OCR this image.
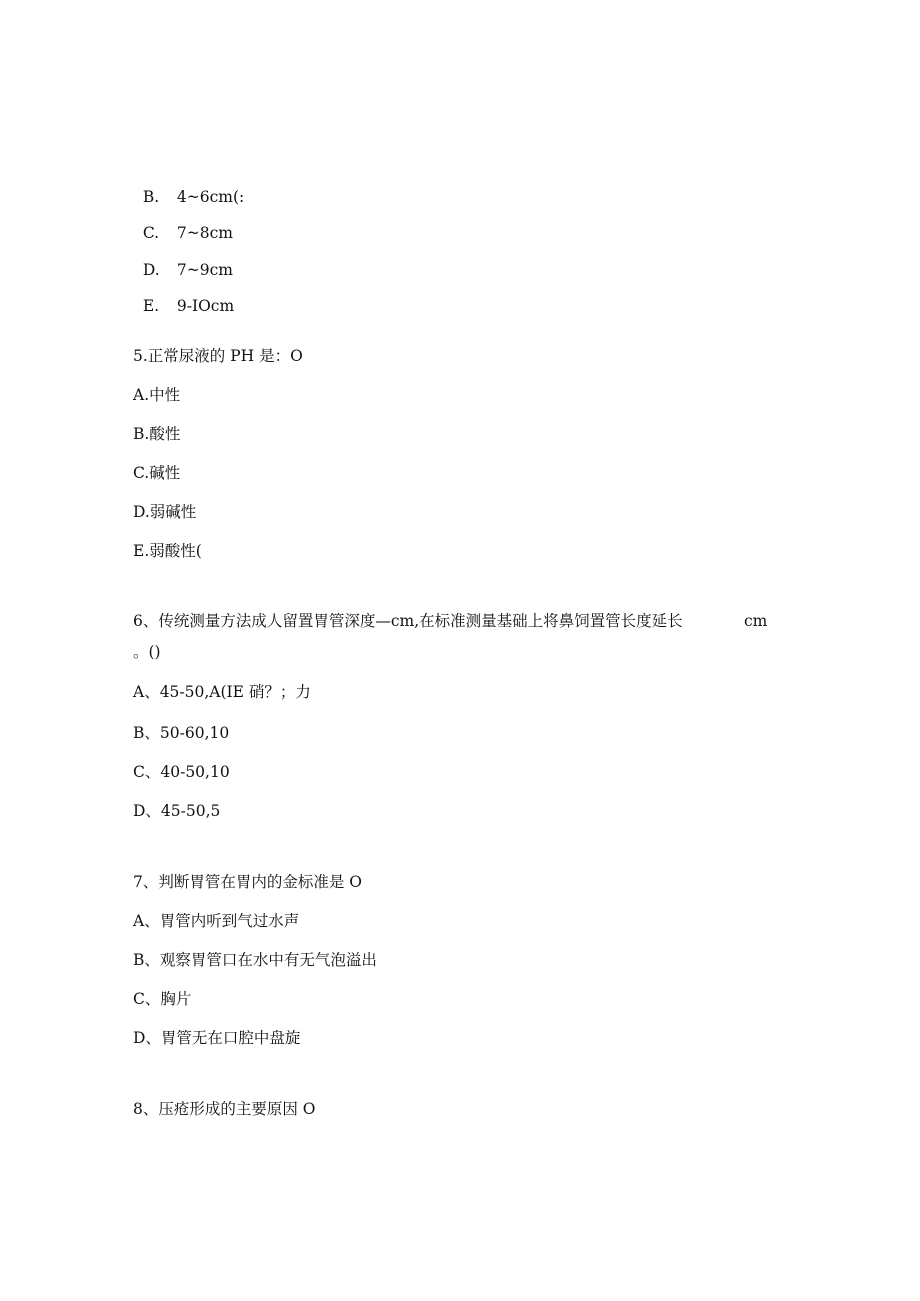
B. 4~6cm(:

C. 7~8cm

D. 7~9cm

E. 9-IOcm

5.正常尿液的 PH 是：O
A.中性
B.酸性
C.碱性
D.弱碱性
E.弱酸性(
6、传统测量方法成人留置胃管深度—cm,在标准测量基础上将鼻饲置管长度延长	cm
。()
A、45-50,A(IE 硝？；力
B、50-60,10
C、40-50,10
D、45-50,5
7、判断胃管在胃内的金标准是 O
A、胃管内听到气过水声
B、观察胃管口在水中有无气泡溢出
C、胸片
D、胃管无在口腔中盘旋
8、压疮形成的主要原因 O
